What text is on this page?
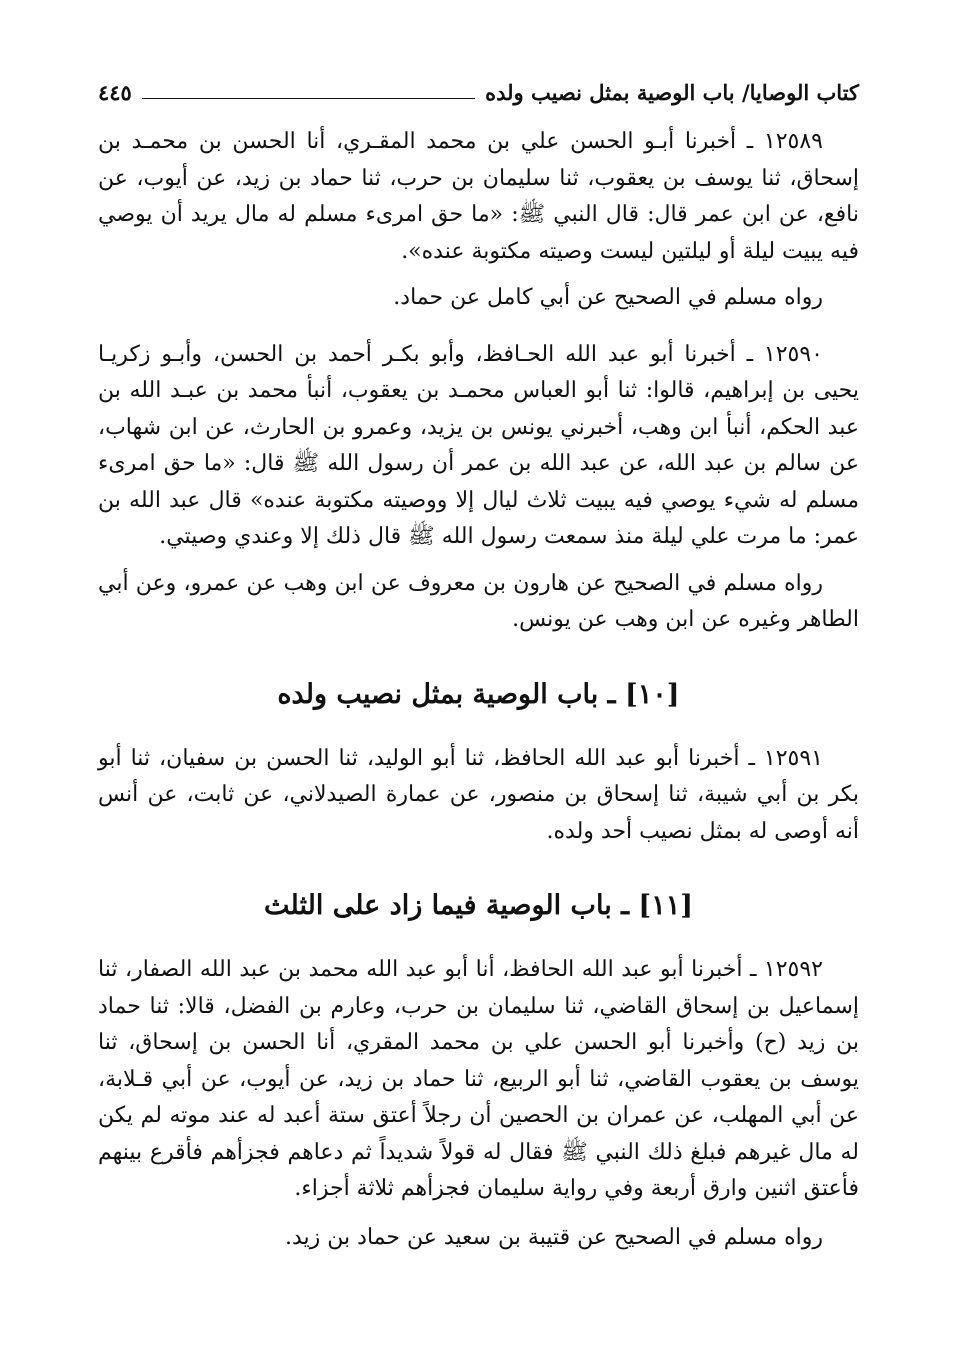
كتاب الوصايا/ باب الوصية بمثل نصيب ولده
٤٤٥

١٢٥٨٩ ـ أخبرنا أبـو الحسن علي بن محمد المقـري، أنا الحسن بن محمـد بن إسحاق، ثنا يوسف بن يعقوب، ثنا سليمان بن حرب، ثنا حماد بن زيد، عن أيوب، عن نافع، عن ابن عمر قال: قال النبي ﷺ: «ما حق امرىء مسلم له مال يريد أن يوصي فيه يبيت ليلة أو ليلتين ليست وصيته مكتوبة عنده».

رواه مسلم في الصحيح عن أبي كامل عن حماد.

١٢٥٩٠ ـ أخبرنا أبو عبد الله الحـافظ، وأبو بكـر أحمد بن الحسن، وأبـو زكريـا يحيى بن إبراهيم، قالوا: ثنا أبو العباس محمـد بن يعقوب، أنبأ محمد بن عبـد الله بن عبد الحكم، أنبأ ابن وهب، أخبرني يونس بن يزيد، وعمرو بن الحارث، عن ابن شهاب، عن سالم بن عبد الله، عن عبد الله بن عمر أن رسول الله ﷺ قال: «ما حق امرىء مسلم له شيء يوصي فيه يبيت ثلاث ليال إلا ووصيته مكتوبة عنده» قال عبد الله بن عمر: ما مرت علي ليلة منذ سمعت رسول الله ﷺ قال ذلك إلا وعندي وصيتي.

رواه مسلم في الصحيح عن هارون بن معروف عن ابن وهب عن عمرو، وعن أبي الطاهر وغيره عن ابن وهب عن يونس.

[١٠] ـ باب الوصية بمثل نصيب ولده

١٢٥٩١ ـ أخبرنا أبو عبد الله الحافظ، ثنا أبو الوليد، ثنا الحسن بن سفيان، ثنا أبو بكر بن أبي شيبة، ثنا إسحاق بن منصور، عن عمارة الصيدلاني، عن ثابت، عن أنس أنه أوصى له بمثل نصيب أحد ولده.

[١١] ـ باب الوصية فيما زاد على الثلث

١٢٥٩٢ ـ أخبرنا أبو عبد الله الحافظ، أنا أبو عبد الله محمد بن عبد الله الصفار، ثنا إسماعيل بن إسحاق القاضي، ثنا سليمان بن حرب، وعارم بن الفضل، قالا: ثنا حماد بن زيد (ح) وأخبرنا أبو الحسن علي بن محمد المقري، أنا الحسن بن إسحاق، ثنا يوسف بن يعقوب القاضي، ثنا أبو الربيع، ثنا حماد بن زيد، عن أيوب، عن أبي قـلابة، عن أبي المهلب، عن عمران بن الحصين أن رجلاً أعتق ستة أعبد له عند موته لم يكن له مال غيرهم فبلغ ذلك النبي ﷺ فقال له قولاً شديداً ثم دعاهم فجزأهم فأقرع بينهم فأعتق اثنين وارق أربعة وفي رواية سليمان فجزأهم ثلاثة أجزاء.

رواه مسلم في الصحيح عن قتيبة بن سعيد عن حماد بن زيد.
